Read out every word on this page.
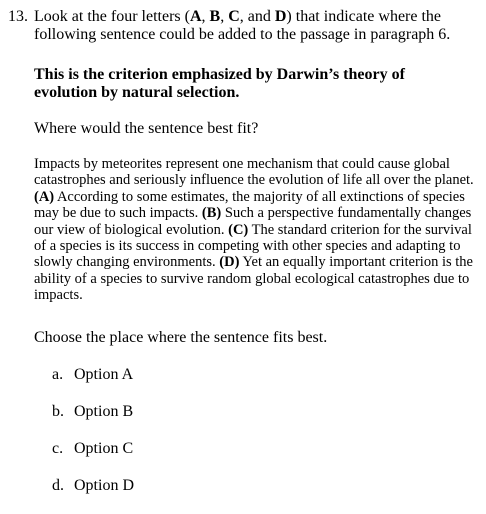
13. Look at the four letters (A, B, C, and D) that indicate where the following sentence could be added to the passage in paragraph 6.
This is the criterion emphasized by Darwin’s theory of evolution by natural selection.
Where would the sentence best fit?
Impacts by meteorites represent one mechanism that could cause global catastrophes and seriously influence the evolution of life all over the planet. (A) According to some estimates, the majority of all extinctions of species may be due to such impacts. (B) Such a perspective fundamentally changes our view of biological evolution. (C) The standard criterion for the survival of a species is its success in competing with other species and adapting to slowly changing environments. (D) Yet an equally important criterion is the ability of a species to survive random global ecological catastrophes due to impacts.
Choose the place where the sentence fits best.
a. Option A
b. Option B
c. Option C
d. Option D
